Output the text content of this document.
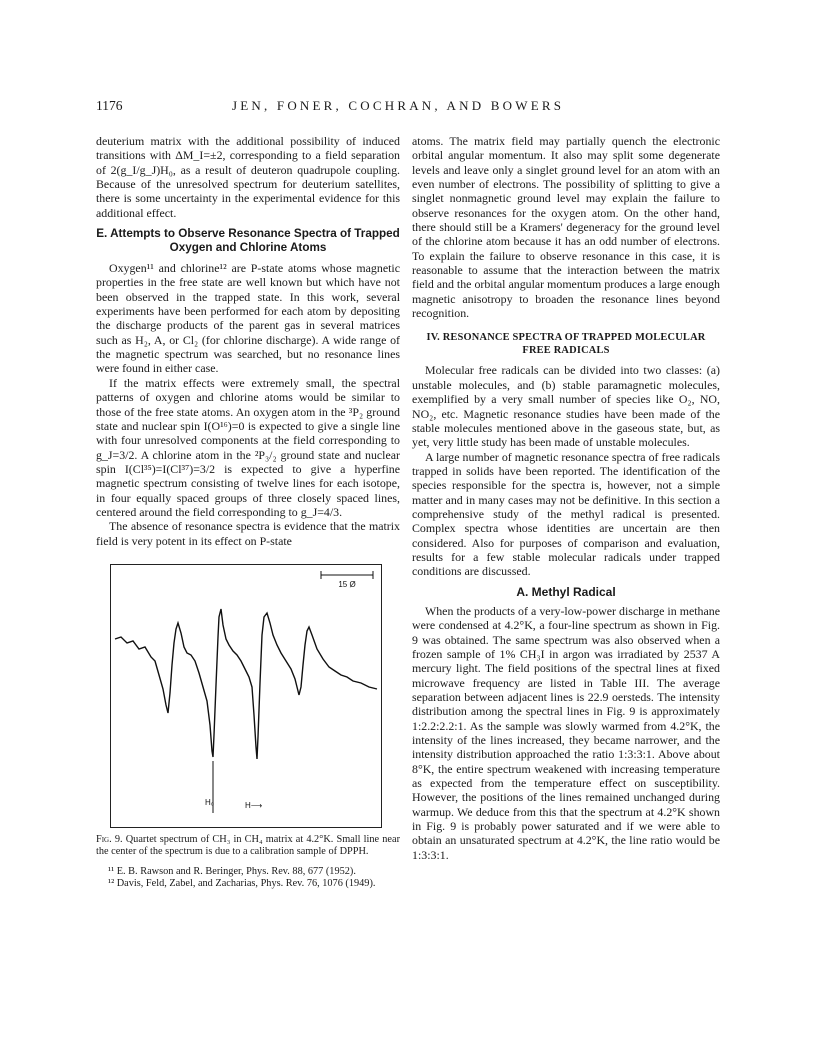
1176	JEN, FONER, COCHRAN, AND BOWERS

deuterium matrix with the additional possibility of induced transitions with ΔM_I=±2, corresponding to a field separation of 2(g_I/g_J)H₀, as a result of deuteron quadrupole coupling. Because of the unresolved spectrum for deuterium satellites, there is some uncertainty in the experimental evidence for this additional effect.

E. Attempts to Observe Resonance Spectra of Trapped Oxygen and Chlorine Atoms

Oxygen¹¹ and chlorine¹² are P-state atoms whose magnetic properties in the free state are well known but which have not been observed in the trapped state. In this work, several experiments have been performed for each atom by depositing the discharge products of the parent gas in several matrices such as H₂, A, or Cl₂ (for chlorine discharge). A wide range of the magnetic spectrum was searched, but no resonance lines were found in either case.

If the matrix effects were extremely small, the spectral patterns of oxygen and chlorine atoms would be similar to those of the free state atoms. An oxygen atom in the ³P₂ ground state and nuclear spin I(O¹⁶)=0 is expected to give a single line with four unresolved components at the field corresponding to g_J=3/2. A chlorine atom in the ²P₃/₂ ground state and nuclear spin I(Cl³⁵)=I(Cl³⁷)=3/2 is expected to give a hyperfine magnetic spectrum consisting of twelve lines for each isotope, in four equally spaced groups of three closely spaced lines, centered around the field corresponding to g_J=4/3.

The absence of resonance spectra is evidence that the matrix field is very potent in its effect on P-state

15 Ø
H₀	H⟶
Fig. 9. Quartet spectrum of CH₃ in CH₄ matrix at 4.2°K. Small line near the center of the spectrum is due to a calibration sample of DPPH.
¹¹ E. B. Rawson and R. Beringer, Phys. Rev. 88, 677 (1952).
¹² Davis, Feld, Zabel, and Zacharias, Phys. Rev. 76, 1076 (1949).

atoms. The matrix field may partially quench the electronic orbital angular momentum. It also may split some degenerate levels and leave only a singlet ground level for an atom with an even number of electrons. The possibility of splitting to give a singlet nonmagnetic ground level may explain the failure to observe resonances for the oxygen atom. On the other hand, there should still be a Kramers' degeneracy for the ground level of the chlorine atom because it has an odd number of electrons. To explain the failure to observe resonance in this case, it is reasonable to assume that the interaction between the matrix field and the orbital angular momentum produces a large enough magnetic anisotropy to broaden the resonance lines beyond recognition.

IV. RESONANCE SPECTRA OF TRAPPED MOLECULAR FREE RADICALS

Molecular free radicals can be divided into two classes: (a) unstable molecules, and (b) stable paramagnetic molecules, exemplified by a very small number of species like O₂, NO, NO₂, etc. Magnetic resonance studies have been made of the stable molecules mentioned above in the gaseous state, but, as yet, very little study has been made of unstable molecules.

A large number of magnetic resonance spectra of free radicals trapped in solids have been reported. The identification of the species responsible for the spectra is, however, not a simple matter and in many cases may not be definitive. In this section a comprehensive study of the methyl radical is presented. Complex spectra whose identities are uncertain are then considered. Also for purposes of comparison and evaluation, results for a few stable molecular radicals under trapped conditions are discussed.

A. Methyl Radical

When the products of a very-low-power discharge in methane were condensed at 4.2°K, a four-line spectrum as shown in Fig. 9 was obtained. The same spectrum was also observed when a frozen sample of 1% CH₃I in argon was irradiated by 2537 A mercury light. The field positions of the spectral lines at fixed microwave frequency are listed in Table III. The average separation between adjacent lines is 22.9 oersteds. The intensity distribution among the spectral lines in Fig. 9 is approximately 1:2.2:2.2:1. As the sample was slowly warmed from 4.2°K, the intensity of the lines increased, they became narrower, and the intensity distribution approached the ratio 1:3:3:1. Above about 8°K, the entire spectrum weakened with increasing temperature as expected from the temperature effect on susceptibility. However, the positions of the lines remained unchanged during warmup. We deduce from this that the spectrum at 4.2°K shown in Fig. 9 is probably power saturated and if we were able to obtain an unsaturated spectrum at 4.2°K, the line ratio would be 1:3:3:1.
